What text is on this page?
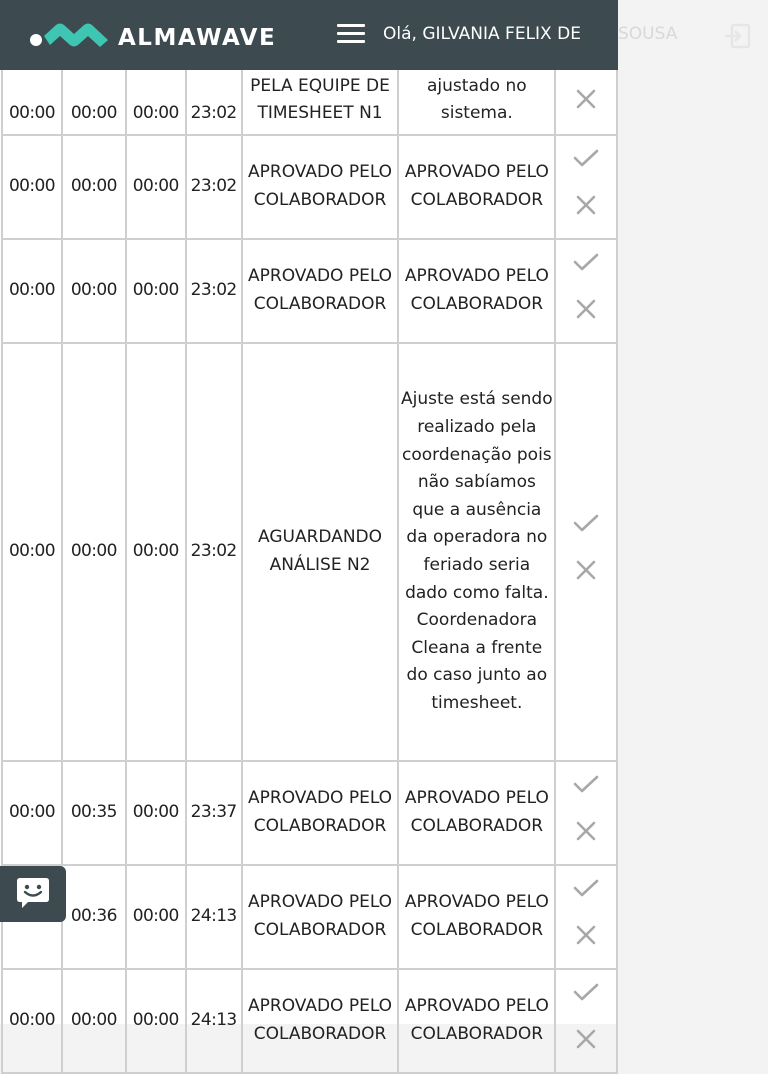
00:00	00:00	00:00	23:02	PELA EQUIPE DE TIMESHEET N1	ajustado no sistema.	

00:00	00:00	00:00	23:02	APROVADO PELO COLABORADOR	APROVADO PELO COLABORADOR	

00:00	00:00	00:00	23:02	APROVADO PELO COLABORADOR	APROVADO PELO COLABORADOR	

00:00	00:00	00:00	23:02	AGUARDANDO ANÁLISE N2	Ajuste está sendo realizado pela coordenação pois não sabíamos que a ausência da operadora no feriado seria dado como falta. Coordenadora Cleana a frente do caso junto ao timesheet.	

00:00	00:35	00:00	23:37	APROVADO PELO COLABORADOR	APROVADO PELO COLABORADOR	

	00:36	00:00	24:13	APROVADO PELO COLABORADOR	APROVADO PELO COLABORADOR	

00:00	00:00	00:00	24:13	APROVADO PELO COLABORADOR	APROVADO PELO COLABORADOR	
ALMAWAVE	Olá, GILVANIA FELIX DE SOUSA
